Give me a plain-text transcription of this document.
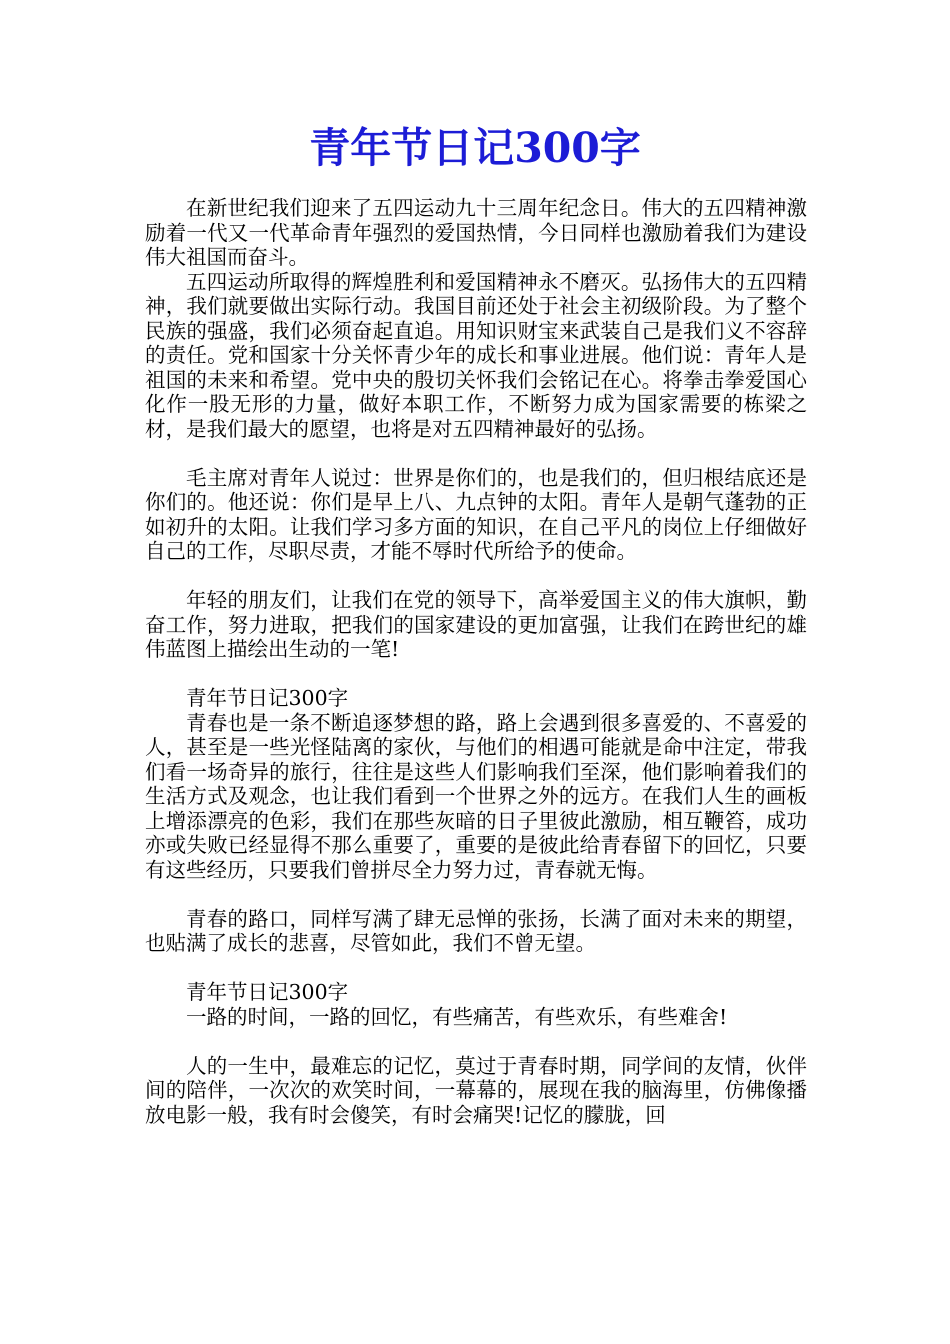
青年节日记300字

在新世纪我们迎来了五四运动九十三周年纪念日。伟大的五四精神激励着一代又一代革命青年强烈的爱国热情，今日同样也激励着我们为建设伟大祖国而奋斗。

五四运动所取得的辉煌胜利和爱国精神永不磨灭。弘扬伟大的五四精神，我们就要做出实际行动。我国目前还处于社会主初级阶段。为了整个民族的强盛，我们必须奋起直追。用知识财宝来武装自己是我们义不容辞的责任。党和国家十分关怀青少年的成长和事业进展。他们说：青年人是祖国的未来和希望。党中央的殷切关怀我们会铭记在心。将拳击拳爱国心化作一股无形的力量，做好本职工作，不断努力成为国家需要的栋梁之材，是我们最大的愿望，也将是对五四精神最好的弘扬。

毛主席对青年人说过：世界是你们的，也是我们的，但归根结底还是你们的。他还说：你们是早上八、九点钟的太阳。青年人是朝气蓬勃的正如初升的太阳。让我们学习多方面的知识，在自己平凡的岗位上仔细做好自己的工作，尽职尽责，才能不辱时代所给予的使命。

年轻的朋友们，让我们在党的领导下，高举爱国主义的伟大旗帜，勤奋工作，努力进取，把我们的国家建设的更加富强，让我们在跨世纪的雄伟蓝图上描绘出生动的一笔!

青年节日记300字

青春也是一条不断追逐梦想的路，路上会遇到很多喜爱的、不喜爱的人，甚至是一些光怪陆离的家伙，与他们的相遇可能就是命中注定，带我们看一场奇异的旅行，往往是这些人们影响我们至深，他们影响着我们的生活方式及观念，也让我们看到一个世界之外的远方。在我们人生的画板上增添漂亮的色彩，我们在那些灰暗的日子里彼此激励，相互鞭笞，成功亦或失败已经显得不那么重要了，重要的是彼此给青春留下的回忆，只要有这些经历，只要我们曾拼尽全力努力过，青春就无悔。

青春的路口，同样写满了肆无忌惮的张扬，长满了面对未来的期望，也贴满了成长的悲喜，尽管如此，我们不曾无望。

青年节日记300字

一路的时间，一路的回忆，有些痛苦，有些欢乐，有些难舍!

人的一生中，最难忘的记忆，莫过于青春时期，同学间的友情，伙伴间的陪伴，一次次的欢笑时间，一幕幕的，展现在我的脑海里，仿佛像播放电影一般，我有时会傻笑，有时会痛哭!记忆的朦胧，回
